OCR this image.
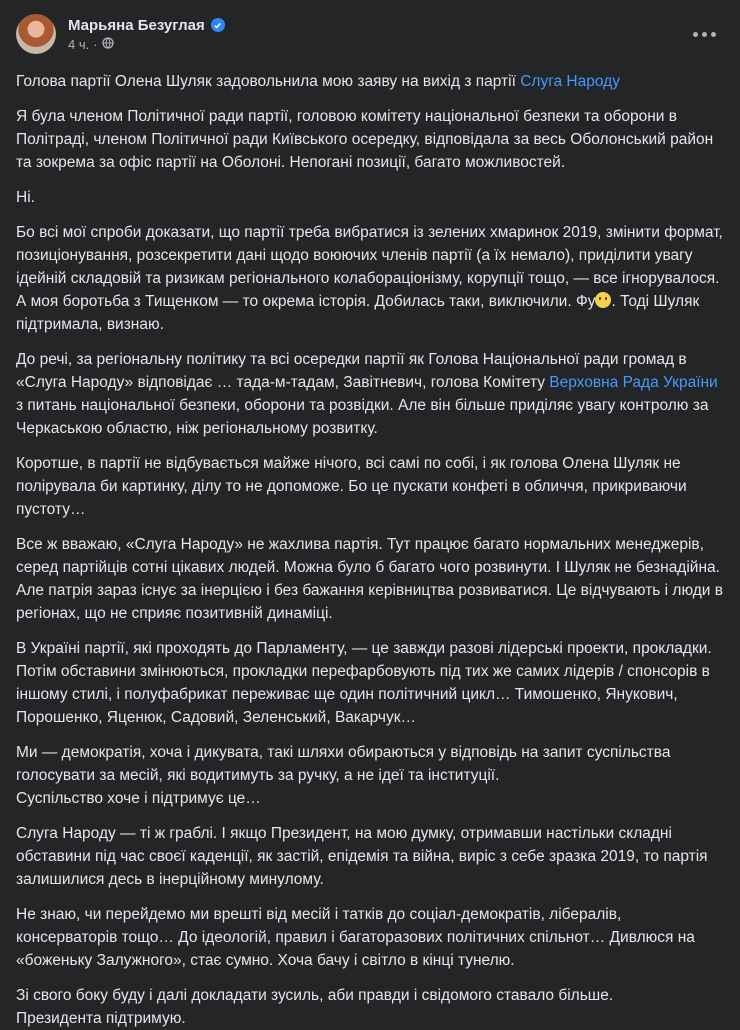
Марьяна Безуглая
4 ч. ·

Голова партії Олена Шуляк задовольнила мою заяву на вихід з партії Слуга Народу

Я була членом Політичної ради партії, головою комітету національної безпеки та оборони в Політраді, членом Політичної ради Київського осередку, відповідала за весь Оболонський район та зокрема за офіс партії на Оболоні. Непогані позиції, багато можливостей.

Ні.

Бо всі мої спроби доказати, що партії треба вибратися із зелених хмаринок 2019, змінити формат, позиціонування, розсекретити дані щодо воюючих членів партії (а їх немало), приділити увагу ідейній складовій та ризикам регіонального колабораціонізму, корупції тощо, — все ігнорувалося. А моя боротьба з Тищенком — то окрема історія. Добилась таки, виключили. Фу . Тоді Шуляк підтримала, визнаю.

До речі, за регіональну політику та всі осередки партії як Голова Національної ради громад в «Слуга Народу» відповідає … тада-м-тадам, Завітневич, голова Комітету Верховна Рада України з питань національної безпеки, оборони та розвідки. Але він більше приділяє увагу контролю за Черкаською областю, ніж регіональному розвитку.

Коротше, в партії не відбувається майже нічого, всі самі по собі, і як голова Олена Шуляк не полірувала би картинку, ділу то не допоможе. Бо це пускати конфеті в обличчя, прикриваючи пустоту…

Все ж вважаю, «Слуга Народу» не жахлива партія. Тут працює багато нормальних менеджерів, серед партійців сотні цікавих людей. Можна було б багато чого розвинути. І Шуляк не безнадійна. Але патрія зараз існує за інерцією і без бажання керівництва розвиватися. Це відчувають і люди в регіонах, що не сприяє позитивній динаміці.

В Україні партії, які проходять до Парламенту, — це завжди разові лідерські проекти, прокладки. Потім обставини змінюються, прокладки перефарбовують під тих же самих лідерів / спонсорів в іншому стилі, і полуфабрикат переживає ще один політичний цикл… Тимошенко, Янукович, Порошенко, Яценюк, Садовий, Зеленський, Вакарчук…

Ми — демократія, хоча і дикувата, такі шляхи обираються у відповідь на запит суспільства голосувати за месій, які водитимуть за ручку, а не ідеї та інституції.
Суспільство хоче і підтримує це…

Слуга Народу — ті ж граблі. І якщо Президент, на мою думку, отримавши настільки складні обставини під час своєї каденції, як застій, епідемія та війна, виріс з себе зразка 2019, то партія залишилися десь в інерційному минулому.

Не знаю, чи перейдемо ми врешті від месій і татків до соціал-демократів, лібералів, консерваторів тощо… До ідеологій, правил і багаторазових політичних спільнот… Дивлюся на «боженьку Залужного», стає сумно. Хоча бачу і світло в кінці тунелю.

Зі свого боку буду і далі докладати зусиль, аби правди і свідомого ставало більше.
Президента підтримую.
